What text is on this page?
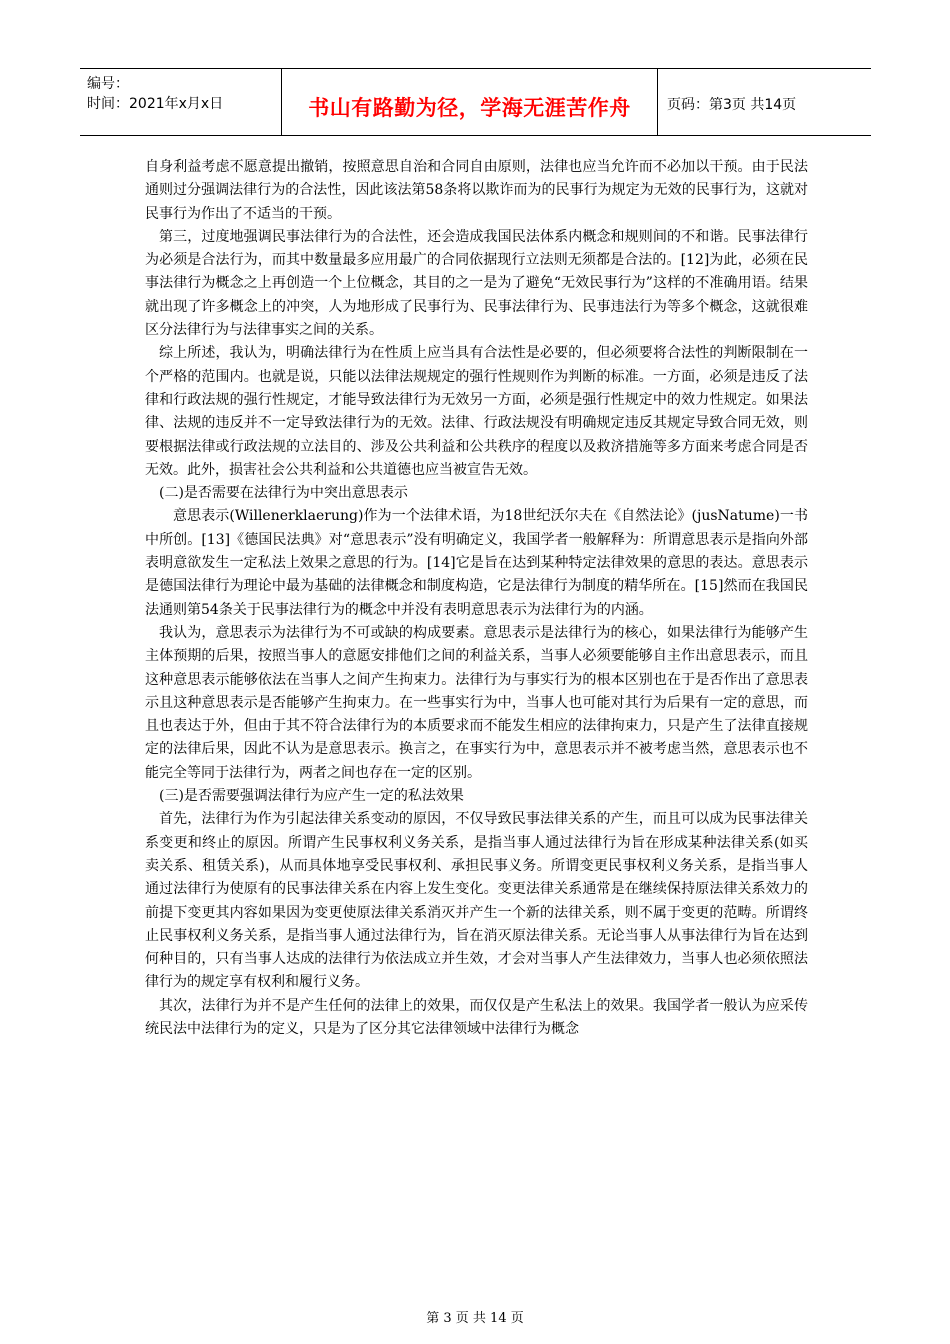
编号：
时间：2021年x月x日	书山有路勤为径，学海无涯苦作舟	页码：第3页 共14页

自身利益考虑不愿意提出撤销，按照意思自治和合同自由原则，法律也应当允许而不必加以干预。由于民法通则过分强调法律行为的合法性，因此该法第58条将以欺诈而为的民事行为规定为无效的民事行为，这就对民事行为作出了不适当的干预。

第三，过度地强调民事法律行为的合法性，还会造成我国民法体系内概念和规则间的不和谐。民事法律行为必须是合法行为，而其中数量最多应用最广的合同依据现行立法则无须都是合法的。[12]为此，必须在民事法律行为概念之上再创造一个上位概念，其目的之一是为了避免“无效民事行为”这样的不准确用语。结果就出现了许多概念上的冲突，人为地形成了民事行为、民事法律行为、民事违法行为等多个概念，这就很难区分法律行为与法律事实之间的关系。

综上所述，我认为，明确法律行为在性质上应当具有合法性是必要的，但必须要将合法性的判断限制在一个严格的范围内。也就是说，只能以法律法规规定的强行性规则作为判断的标准。一方面，必须是违反了法律和行政法规的强行性规定，才能导致法律行为无效另一方面，必须是强行性规定中的效力性规定。如果法律、法规的违反并不一定导致法律行为的无效。法律、行政法规没有明确规定违反其规定导致合同无效，则要根据法律或行政法规的立法目的、涉及公共利益和公共秩序的程度以及救济措施等多方面来考虑合同是否无效。此外，损害社会公共利益和公共道德也应当被宣告无效。

(二)是否需要在法律行为中突出意思表示

意思表示(Willenerklaerung)作为一个法律术语，为18世纪沃尔夫在《自然法论》(jusNatume)一书中所创。[13]《德国民法典》对“意思表示”没有明确定义，我国学者一般解释为：所谓意思表示是指向外部表明意欲发生一定私法上效果之意思的行为。[14]它是旨在达到某种特定法律效果的意思的表达。意思表示是德国法律行为理论中最为基础的法律概念和制度构造，它是法律行为制度的精华所在。[15]然而在我国民法通则第54条关于民事法律行为的概念中并没有表明意思表示为法律行为的内涵。

我认为，意思表示为法律行为不可或缺的构成要素。意思表示是法律行为的核心，如果法律行为能够产生主体预期的后果，按照当事人的意愿安排他们之间的利益关系，当事人必须要能够自主作出意思表示，而且这种意思表示能够依法在当事人之间产生拘束力。法律行为与事实行为的根本区别也在于是否作出了意思表示且这种意思表示是否能够产生拘束力。在一些事实行为中，当事人也可能对其行为后果有一定的意思，而且也表达于外，但由于其不符合法律行为的本质要求而不能发生相应的法律拘束力，只是产生了法律直接规定的法律后果，因此不认为是意思表示。换言之，在事实行为中，意思表示并不被考虑当然，意思表示也不能完全等同于法律行为，两者之间也存在一定的区别。

(三)是否需要强调法律行为应产生一定的私法效果

首先，法律行为作为引起法律关系变动的原因，不仅导致民事法律关系的产生，而且可以成为民事法律关系变更和终止的原因。所谓产生民事权利义务关系，是指当事人通过法律行为旨在形成某种法律关系(如买卖关系、租赁关系)，从而具体地享受民事权利、承担民事义务。所谓变更民事权利义务关系，是指当事人通过法律行为使原有的民事法律关系在内容上发生变化。变更法律关系通常是在继续保持原法律关系效力的前提下变更其内容如果因为变更使原法律关系消灭并产生一个新的法律关系，则不属于变更的范畴。所谓终止民事权利义务关系，是指当事人通过法律行为，旨在消灭原法律关系。无论当事人从事法律行为旨在达到何种目的，只有当事人达成的法律行为依法成立并生效，才会对当事人产生法律效力，当事人也必须依照法律行为的规定享有权利和履行义务。

其次，法律行为并不是产生任何的法律上的效果，而仅仅是产生私法上的效果。我国学者一般认为应采传统民法中法律行为的定义，只是为了区分其它法律领域中法律行为概念

第 3 页 共 14 页
